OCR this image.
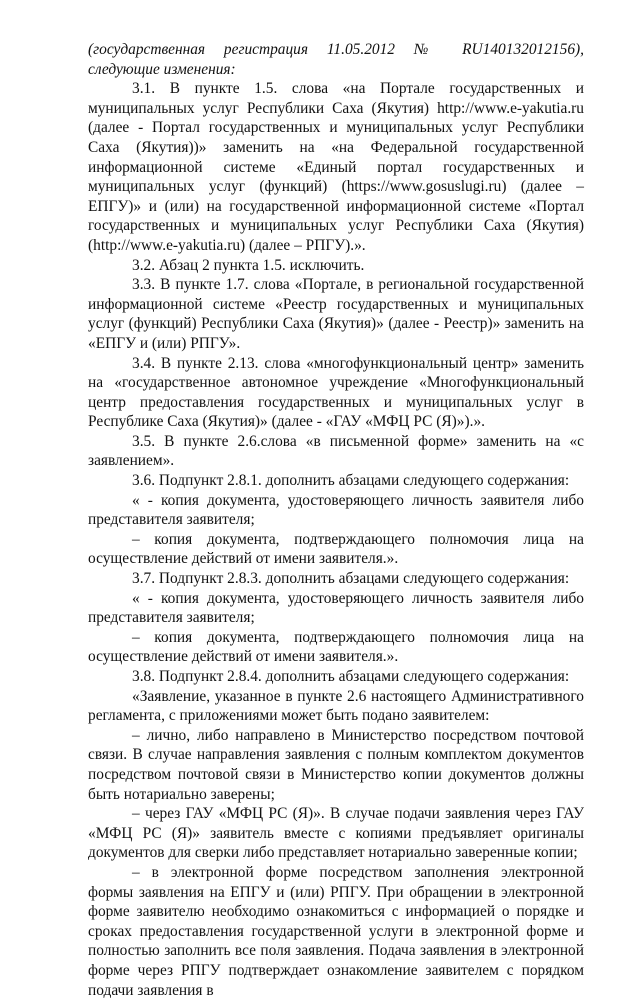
(государственная регистрация 11.05.2012 № RU140132012156), следующие изменения:

3.1. В пункте 1.5. слова «на Портале государственных и муниципальных услуг Республики Саха (Якутия) http://www.e-yakutia.ru (далее - Портал государственных и муниципальных услуг Республики Саха (Якутия))» заменить на «на Федеральной государственной информационной системе «Единый портал государственных и муниципальных услуг (функций) (https://www.gosuslugi.ru) (далее – ЕПГУ)» и (или) на государственной информационной системе «Портал государственных и муниципальных услуг Республики Саха (Якутия) (http://www.e-yakutia.ru) (далее – РПГУ).».

3.2. Абзац 2 пункта 1.5. исключить.

3.3. В пункте 1.7. слова «Портале, в региональной государственной информационной системе «Реестр государственных и муниципальных услуг (функций) Республики Саха (Якутия)» (далее - Реестр)» заменить на «ЕПГУ и (или) РПГУ».

3.4. В пункте 2.13. слова «многофункциональный центр» заменить на «государственное автономное учреждение «Многофункциональный центр предоставления государственных и муниципальных услуг в Республике Саха (Якутия)» (далее - «ГАУ «МФЦ РС (Я)»).».

3.5. В пункте 2.6.слова «в письменной форме» заменить на «с заявлением».

3.6. Подпункт 2.8.1. дополнить абзацами следующего содержания:

« - копия документа, удостоверяющего личность заявителя либо представителя заявителя;

– копия документа, подтверждающего полномочия лица на осуществление действий от имени заявителя.».

3.7. Подпункт 2.8.3. дополнить абзацами следующего содержания:

« - копия документа, удостоверяющего личность заявителя либо представителя заявителя;

– копия документа, подтверждающего полномочия лица на осуществление действий от имени заявителя.».

3.8. Подпункт 2.8.4. дополнить абзацами следующего содержания:

«Заявление, указанное в пункте 2.6 настоящего Административного регламента, с приложениями может быть подано заявителем:

– лично, либо направлено в Министерство посредством почтовой связи. В случае направления заявления с полным комплектом документов посредством почтовой связи в Министерство копии документов должны быть нотариально заверены;

– через ГАУ «МФЦ РС (Я)». В случае подачи заявления через ГАУ «МФЦ РС (Я)» заявитель вместе с копиями предъявляет оригиналы документов для сверки либо представляет нотариально заверенные копии;

– в электронной форме посредством заполнения электронной формы заявления на ЕПГУ и (или) РПГУ. При обращении в электронной форме заявителю необходимо ознакомиться с информацией о порядке и сроках предоставления государственной услуги в электронной форме и полностью заполнить все поля заявления. Подача заявления в электронной форме через РПГУ подтверждает ознакомление заявителем с порядком подачи заявления в
